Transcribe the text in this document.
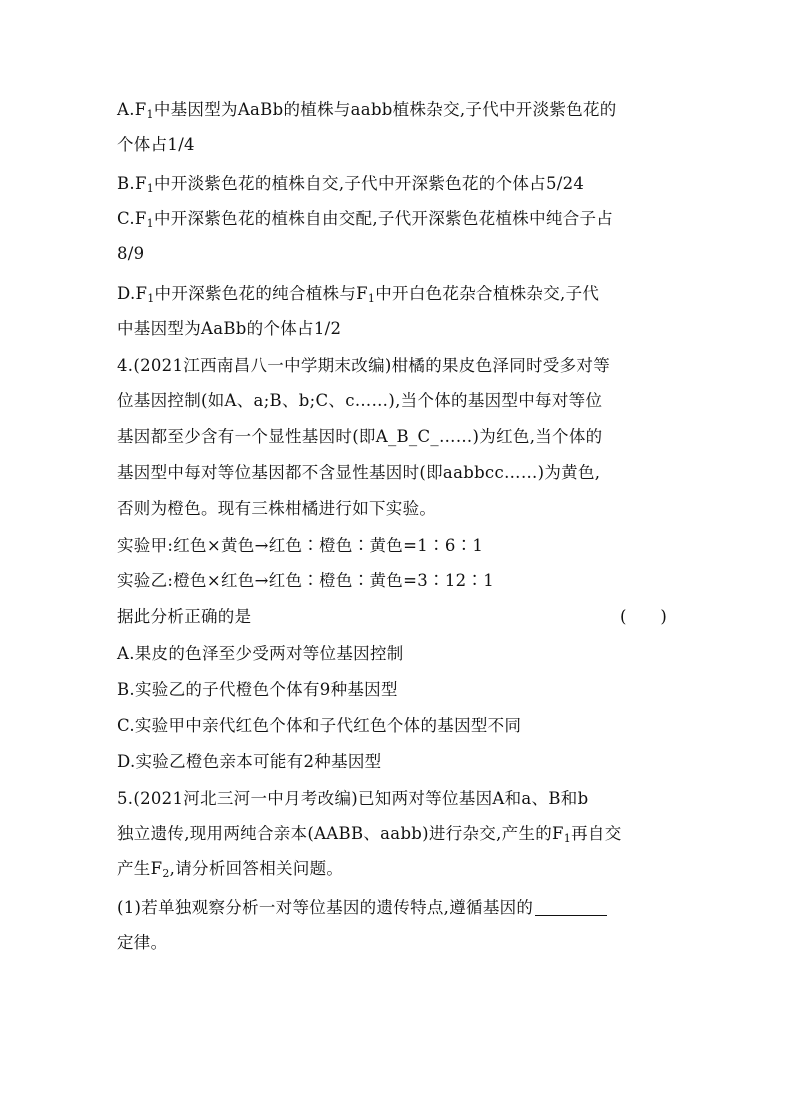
$A.F_1$中基因型为AaBb的植株与aabb植株杂交,子代中开淡紫色花的
个体占1/4
$B.F_1$中开淡紫色花的植株自交,子代中开深紫色花的个体占5/24
$C.F_1$中开深紫色花的植株自由交配,子代开深紫色花植株中纯合子占
8/9
$D.F_1$中开深紫色花的纯合植株与$F_1$中开白色花杂合植株杂交,子代
中基因型为AaBb的个体占1/2
4.(2021江西南昌八一中学期末改编)柑橘的果皮色泽同时受多对等
位基因控制(如A、a;B、b;C、c……),当个体的基因型中每对等位
基因都至少含有一个显性基因时(即A_B_C_……)为红色,当个体的
基因型中每对等位基因都不含显性基因时(即aabbcc……)为黄色,
否则为橙色。现有三株柑橘进行如下实验。
实验甲:红色×黄色→红色∶橙色∶黄色=1∶6∶1
实验乙:橙色×红色→红色∶橙色∶黄色=3∶12∶1
据此分析正确的是	(　　)
A.果皮的色泽至少受两对等位基因控制
B.实验乙的子代橙色个体有9种基因型
C.实验甲中亲代红色个体和子代红色个体的基因型不同
D.实验乙橙色亲本可能有2种基因型
5.(2021河北三河一中月考改编)已知两对等位基因A和a、B和b
独立遗传,现用两纯合亲本(AABB、aabb)进行杂交,产生的$F_1$再自交
产生$F_2$,请分析回答相关问题。
(1)若单独观察分析一对等位基因的遗传特点,遵循基因的
定律。
